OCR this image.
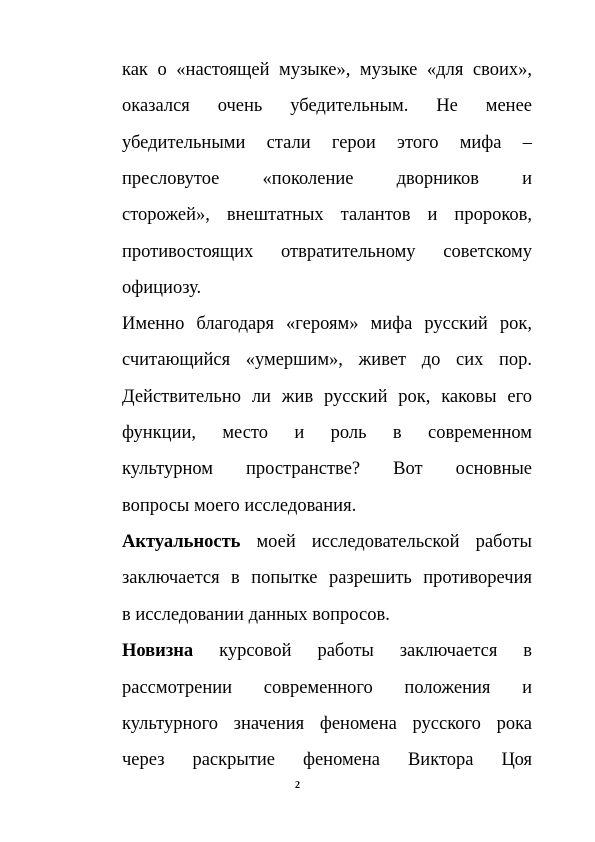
как о «настоящей музыке», музыке «для своих»,
оказался очень убедительным. Не менее
убедительными стали герои этого мифа –
пресловутое «поколение дворников и
сторожей», внештатных талантов и пророков,
противостоящих отвратительному советскому
официозу.
Именно благодаря «героям» мифа русский рок,
считающийся «умершим», живет до сих пор.
Действительно ли жив русский рок, каковы его
функции, место и роль в современном
культурном пространстве? Вот основные
вопросы моего исследования.
Актуальность моей исследовательской работы
заключается в попытке разрешить противоречия
в исследовании данных вопросов.
Новизна курсовой работы заключается в
рассмотрении современного положения и
культурного значения феномена русского рока
через раскрытие феномена Виктора Цоя
2
